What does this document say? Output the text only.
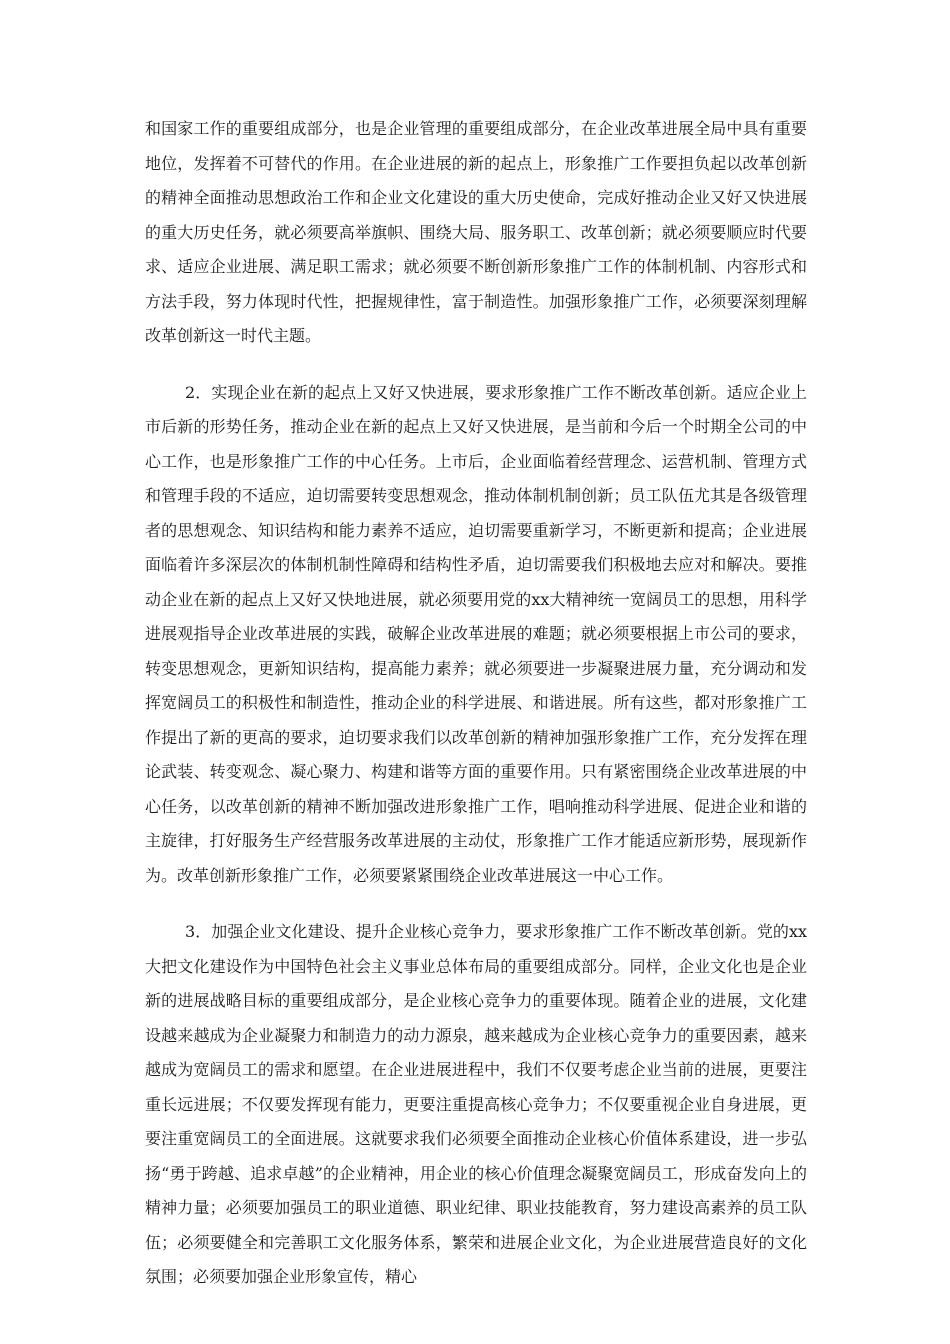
和国家工作的重要组成部分，也是企业管理的重要组成部分，在企业改革进展全局中具有重要地位，发挥着不可替代的作用。在企业进展的新的起点上，形象推广工作要担负起以改革创新的精神全面推动思想政治工作和企业文化建设的重大历史使命，完成好推动企业又好又快进展的重大历史任务，就必须要高举旗帜、围绕大局、服务职工、改革创新；就必须要顺应时代要求、适应企业进展、满足职工需求；就必须要不断创新形象推广工作的体制机制、内容形式和方法手段，努力体现时代性，把握规律性，富于制造性。加强形象推广工作，必须要深刻理解改革创新这一时代主题。

2．实现企业在新的起点上又好又快进展，要求形象推广工作不断改革创新。适应企业上市后新的形势任务，推动企业在新的起点上又好又快进展，是当前和今后一个时期全公司的中心工作，也是形象推广工作的中心任务。上市后，企业面临着经营理念、运营机制、管理方式和管理手段的不适应，迫切需要转变思想观念，推动体制机制创新；员工队伍尤其是各级管理者的思想观念、知识结构和能力素养不适应，迫切需要重新学习，不断更新和提高；企业进展面临着许多深层次的体制机制性障碍和结构性矛盾，迫切需要我们积极地去应对和解决。要推动企业在新的起点上又好又快地进展，就必须要用党的xx大精神统一宽阔员工的思想，用科学进展观指导企业改革进展的实践，破解企业改革进展的难题；就必须要根据上市公司的要求，转变思想观念，更新知识结构，提高能力素养；就必须要进一步凝聚进展力量，充分调动和发挥宽阔员工的积极性和制造性，推动企业的科学进展、和谐进展。所有这些，都对形象推广工作提出了新的更高的要求，迫切要求我们以改革创新的精神加强形象推广工作，充分发挥在理论武装、转变观念、凝心聚力、构建和谐等方面的重要作用。只有紧密围绕企业改革进展的中心任务，以改革创新的精神不断加强改进形象推广工作，唱响推动科学进展、促进企业和谐的主旋律，打好服务生产经营服务改革进展的主动仗，形象推广工作才能适应新形势，展现新作为。改革创新形象推广工作，必须要紧紧围绕企业改革进展这一中心工作。

3．加强企业文化建设、提升企业核心竞争力，要求形象推广工作不断改革创新。党的xx大把文化建设作为中国特色社会主义事业总体布局的重要组成部分。同样，企业文化也是企业新的进展战略目标的重要组成部分，是企业核心竞争力的重要体现。随着企业的进展，文化建设越来越成为企业凝聚力和制造力的动力源泉，越来越成为企业核心竞争力的重要因素，越来越成为宽阔员工的需求和愿望。在企业进展进程中，我们不仅要考虑企业当前的进展，更要注重长远进展；不仅要发挥现有能力，更要注重提高核心竞争力；不仅要重视企业自身进展，更要注重宽阔员工的全面进展。这就要求我们必须要全面推动企业核心价值体系建设，进一步弘扬“勇于跨越、追求卓越”的企业精神，用企业的核心价值理念凝聚宽阔员工，形成奋发向上的精神力量；必须要加强员工的职业道德、职业纪律、职业技能教育，努力建设高素养的员工队伍；必须要健全和完善职工文化服务体系，繁荣和进展企业文化，为企业进展营造良好的文化氛围；必须要加强企业形象宣传，精心
